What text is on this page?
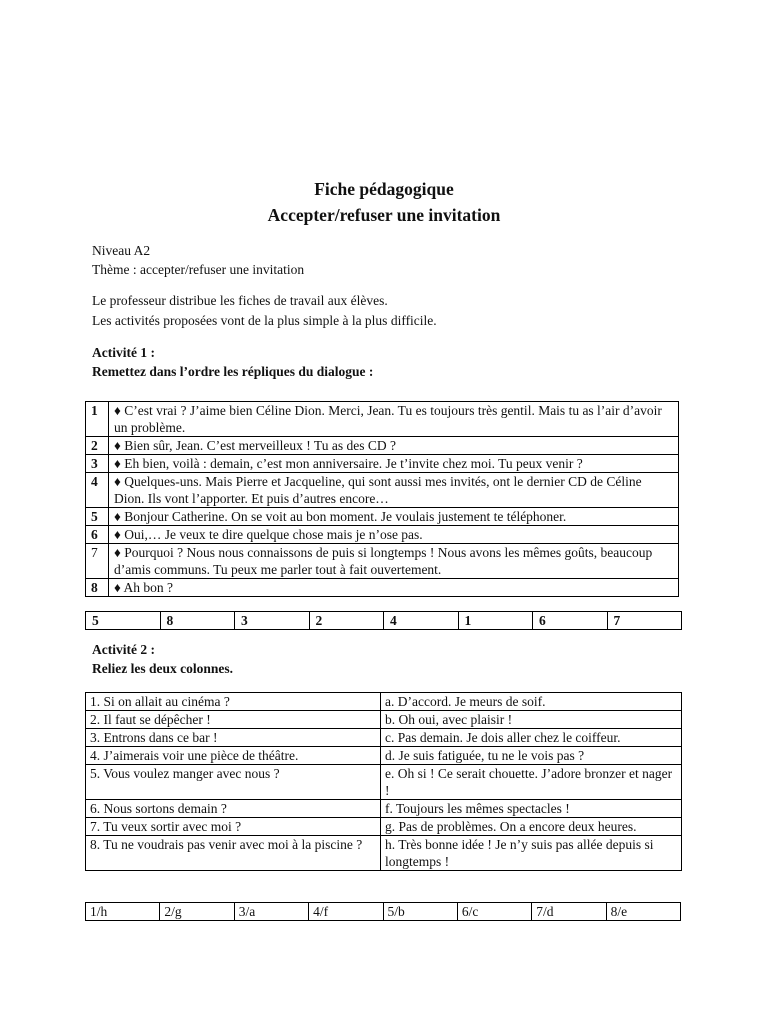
Fiche pédagogique
Accepter/refuser une invitation
Niveau A2
Thème : accepter/refuser une invitation
Le professeur distribue les fiches de travail aux élèves.
Les activités proposées vont de la plus simple à la plus difficile.
Activité 1 :
Remettez dans l’ordre les répliques du dialogue :
1	♦ C’est vrai ? J’aime bien Céline Dion. Merci, Jean. Tu es toujours très gentil. Mais tu as l’air d’avoir un problème.
2	♦ Bien sûr, Jean. C’est merveilleux ! Tu as des CD ?
3	♦ Eh bien, voilà : demain, c’est mon anniversaire. Je t’invite chez moi. Tu peux venir ?
4	♦ Quelques-uns. Mais Pierre et Jacqueline, qui sont aussi mes invités, ont le dernier CD de Céline Dion. Ils vont l’apporter. Et puis d’autres encore…
5	♦ Bonjour Catherine. On se voit au bon moment. Je voulais justement te téléphoner.
6	♦ Oui,… Je veux te dire quelque chose mais je n’ose pas.
7	♦ Pourquoi ? Nous nous connaissons de puis si longtemps ! Nous avons les mêmes goûts, beaucoup d’amis communs. Tu peux me parler tout à fait ouvertement.
8	♦ Ah bon ?
5	8	3	2	4	1	6	7
Activité 2 :
Reliez les deux colonnes.
1. Si on allait au cinéma ?	a. D’accord. Je meurs de soif.
2. Il faut se dépêcher !	b. Oh oui, avec plaisir !
3. Entrons dans ce bar !	c. Pas demain. Je dois aller chez le coiffeur.
4. J’aimerais voir une pièce de théâtre.	d. Je suis fatiguée, tu ne le vois pas ?
5. Vous voulez manger avec nous ?	e. Oh si ! Ce serait chouette. J’adore bronzer et nager !
6. Nous sortons demain ?	f. Toujours les mêmes spectacles !
7. Tu veux sortir avec moi ?	g. Pas de problèmes. On a encore deux heures.
8. Tu ne voudrais pas venir avec moi à la piscine ?	h. Très bonne idée ! Je n’y suis pas allée depuis si longtemps !
1/h	2/g	3/a	4/f	5/b	6/c	7/d	8/e
